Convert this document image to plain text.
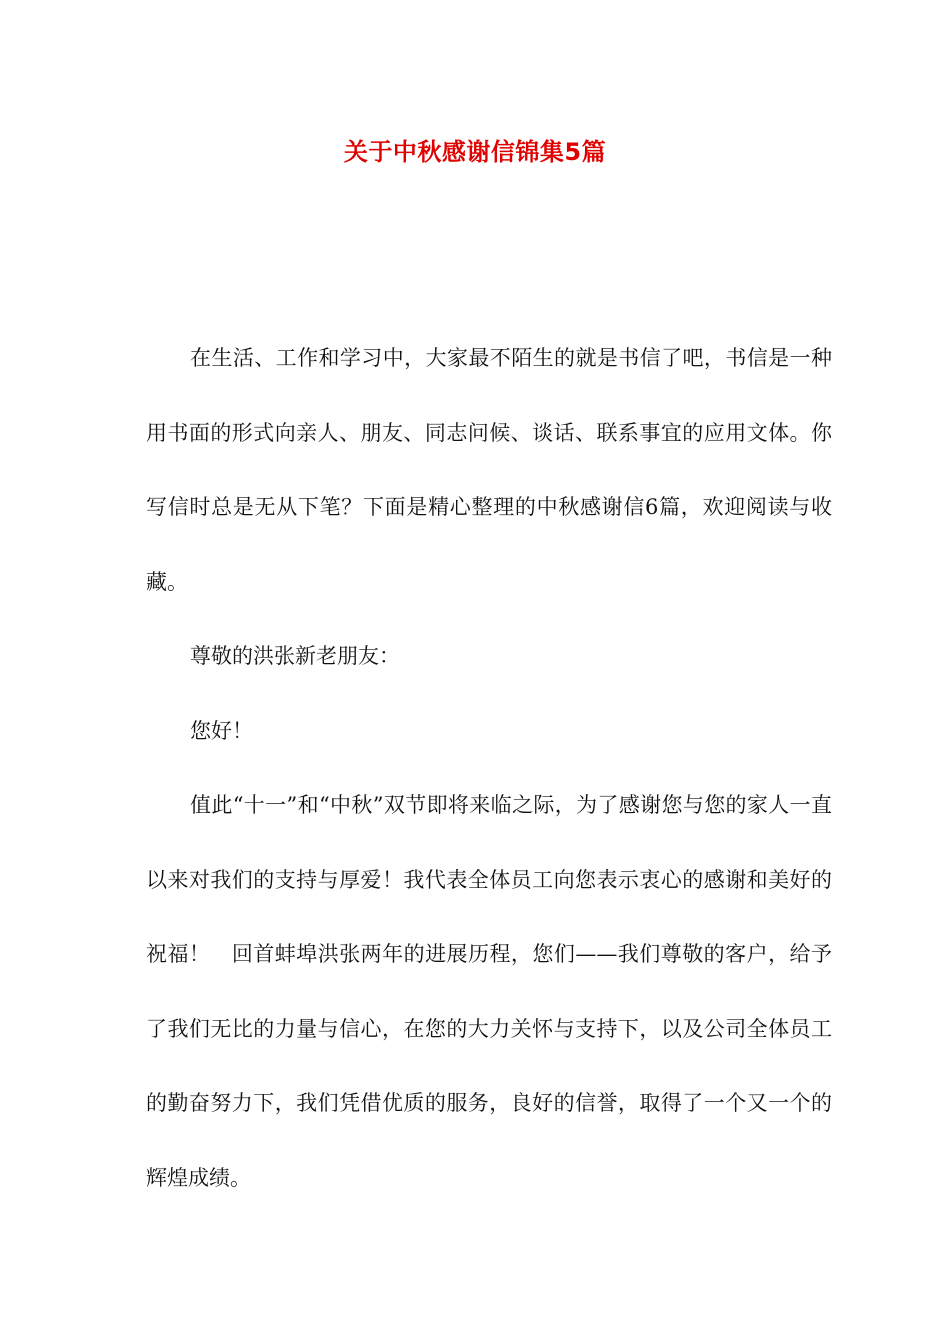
关于中秋感谢信锦集5篇

在生活、工作和学习中，大家最不陌生的就是书信了吧，书信是一种用书面的形式向亲人、朋友、同志问候、谈话、联系事宜的应用文体。你写信时总是无从下笔？下面是精心整理的中秋感谢信6篇，欢迎阅读与收藏。

尊敬的洪张新老朋友：

您好！

值此“十一”和“中秋”双节即将来临之际，为了感谢您与您的家人一直以来对我们的支持与厚爱！我代表全体员工向您表示衷心的感谢和美好的祝福！　回首蚌埠洪张两年的进展历程，您们——我们尊敬的客户，给予了我们无比的力量与信心，在您的大力关怀与支持下，以及公司全体员工的勤奋努力下，我们凭借优质的服务，良好的信誉，取得了一个又一个的辉煌成绩。
